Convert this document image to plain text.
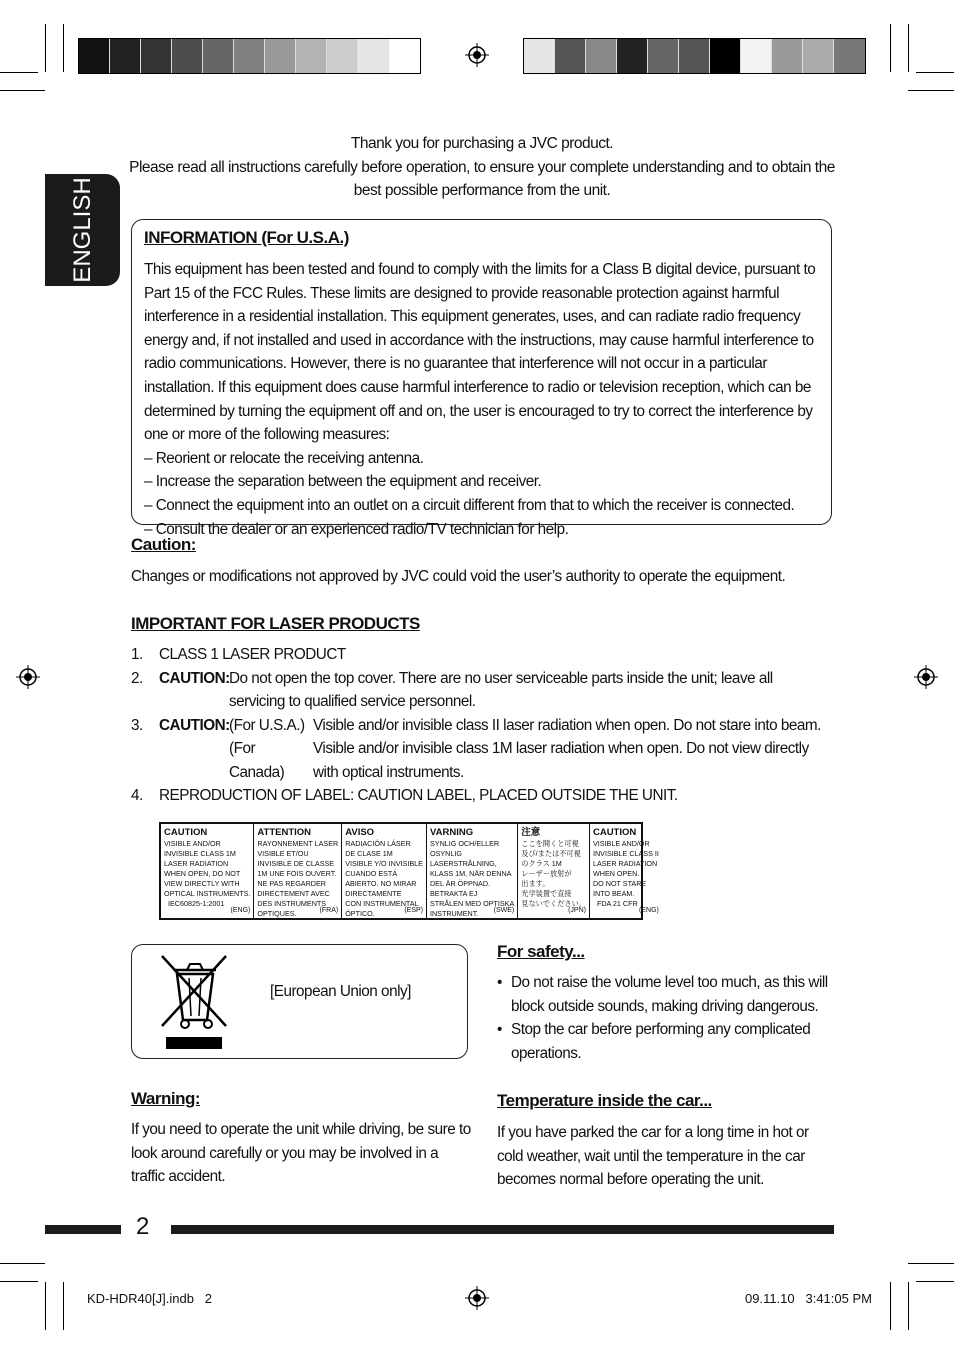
ENGLISH
Thank you for purchasing a JVC product.
Please read all instructions carefully before operation, to ensure your complete understanding and to obtain the best possible performance from the unit.
INFORMATION (For U.S.A.)

This equipment has been tested and found to comply with the limits for a Class B digital device, pursuant to Part 15 of the FCC Rules. These limits are designed to provide reasonable protection against harmful interference in a residential installation. This equipment generates, uses, and can radiate radio frequency energy and, if not installed and used in accordance with the instructions, may cause harmful interference to radio communications. However, there is no guarantee that interference will not occur in a particular installation. If this equipment does cause harmful interference to radio or television reception, which can be determined by turning the equipment off and on, the user is encouraged to try to correct the interference by one or more of the following measures:

– Reorient or relocate the receiving antenna.

– Increase the separation between the equipment and receiver.

– Connect the equipment into an outlet on a circuit different from that to which the receiver is connected.

– Consult the dealer or an experienced radio/TV technician for help.

Caution:
Changes or modifications not approved by JVC could void the user’s authority to operate the equipment.
IMPORTANT FOR LASER PRODUCTS
1.	CLASS 1 LASER PRODUCT
2.	CAUTION: Do not open the top cover. There are no user serviceable parts inside the unit; leave all servicing to qualified service personnel.
3.	CAUTION: (For U.S.A.) Visible and/or invisible class II laser radiation when open. Do not stare into beam.
(For Canada)
Visible and/or invisible class 1M laser radiation when open. Do not view directly with optical instruments.
4.	REPRODUCTION OF LABEL: CAUTION LABEL, PLACED OUTSIDE THE UNIT.
CAUTION
VISIBLE AND/OR
INVISIBLE CLASS 1M
LASER RADIATION
WHEN OPEN, DO NOT
VIEW DIRECTLY WITH
OPTICAL INSTRUMENTS.
IEC60825-1:2001
(ENG)
ATTENTION
RAYONNEMENT LASER
VISIBLE ET/OU
INVISIBLE DE CLASSE
1M UNE FOIS OUVERT.
NE PAS REGARDER
DIRECTEMENT AVEC
DES INSTRUMENTS
OPTIQUES.	(FRA)
AVISO
RADIACIÓN LÁSER
DE CLASE 1M
VISIBLE Y/O INVISIBLE
CUANDO ESTÁ
ABIERTO. NO MIRAR
DIRECTAMENTE
CON INSTRUMENTAL
ÓPTICO.	(ESP)
VARNING
SYNLIG OCH/ELLER
OSYNLIG
LASERSTRÅLNING,
KLASS 1M, NÄR DENNA
DEL ÄR ÖPPNAD.
BETRAKTA EJ
STRÅLEN MED OPTISKA
INSTRUMENT.	(SWE)
注意
ここを開くと可視
及び/または不可視
のクラス 1M
レーザー放射が
出ます。
光学装置で直接
見ないでください。
(JPN)
CAUTION
VISIBLE AND/OR
INVISIBLE CLASS II
LASER RADIATION
WHEN OPEN.
DO NOT STARE
INTO BEAM.
FDA 21 CFR
(ENG)
[European Union only]
For safety...
• Do not raise the volume level too much, as this will block outside sounds, making driving dangerous.
• Stop the car before performing any complicated operations.
Warning:
If you need to operate the unit while driving, be sure to look around carefully or you may be involved in a traffic accident.
Temperature inside the car...
If you have parked the car for a long time in hot or cold weather, wait until the temperature in the car becomes normal before operating the unit.
2
KD-HDR40[J].indb   2	09.11.10   3:41:05 PM
